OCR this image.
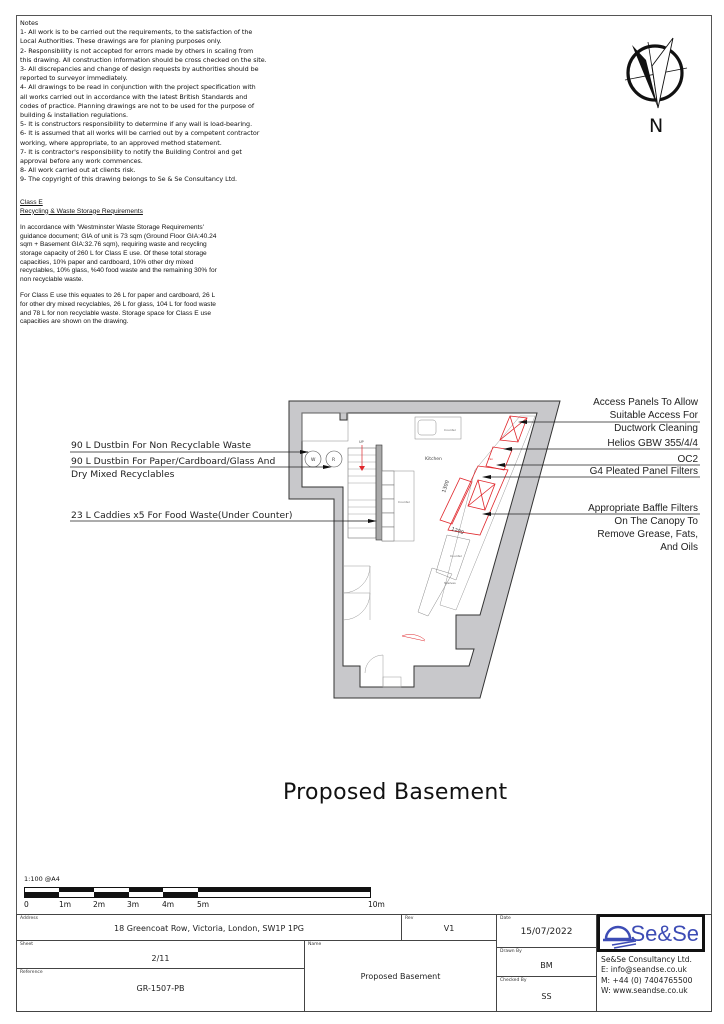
Notes
1- All work is to be carried out the requirements, to the satisfaction of the
Local Authorities. These drawings are for planing purposes only.
2- Responsibility is not accepted for errors made by others in scaling from
this drawing. All construction information should be cross checked on the site.
3- All discrepancies and change of design requests by authorities should be
reported to surveyor immediately.
4- All drawings to be read in conjunction with the project specification with
all works carried out in accordance with the latest British Standards and
codes of practice. Planning drawings are not to be used for the purpose of
building & installation regulations.
5- It is constructors responsibility to determine if any wall is load-bearing.
6- It is assumed that all works will be carried out by a competent contractor
working, where appropriate, to an approved method statement.
7- It is contractor's responsibility to notify the Building Control and get
approval before any work commences.
8- All work carried out at clients risk.
9- The copyright of this drawing belongs to Se & Se Consultancy Ltd.
Class E
Recycling & Waste Storage Requirements
In accordance with 'Westminster Waste Storage Requirements' guidance document; GIA of unit is 73 sqm (Ground Floor GIA:40.24 sqm + Basement GIA:32.76 sqm), requiring waste and recycling storage capacity of 260 L for Class E use. Of these total storage capacities, 10% paper and cardboard, 10% other dry mixed recyclables, 10% glass, %40 food waste and the remaining 30% for non recyclable waste.
For Class E use this equates to 26 L for paper and cardboard, 26 L for other dry mixed recyclables, 26 L for glass, 104 L for food waste and 78 L for non recyclable waste. Storage space for Class E use capacities are shown on the drawing.
N
Counter
W	R
UP
Counter
Kitchen	Fan
1300
1200
Counter
Shelves
90 L Dustbin For Non Recyclable Waste
90 L Dustbin For Paper/Cardboard/Glass And
Dry Mixed Recyclables
23 L Caddies x5 For Food Waste(Under Counter)
Access Panels To Allow
Suitable Access For
Ductwork Cleaning
Helios GBW 355/4/4
OC2
G4 Pleated Panel Filters
Appropriate Baffle Filters
On The Canopy To
Remove Grease, Fats,
And Oils
Proposed Basement
1:100 @A4
0	1m	2m	3m	4m	5m	10m
Address
18 Greencoat Row, Victoria, London, SW1P 1PG
Rev
V1
Date
15/07/2022
Sheet
2/11
Name
Proposed Basement
Drawn By
BM
Reference
GR-1507-PB
Checked By
SS
Se&Se
Se&Se Consultancy Ltd.
E: info@seandse.co.uk
M: +44 (0) 7404765500
W: www.seandse.co.uk
